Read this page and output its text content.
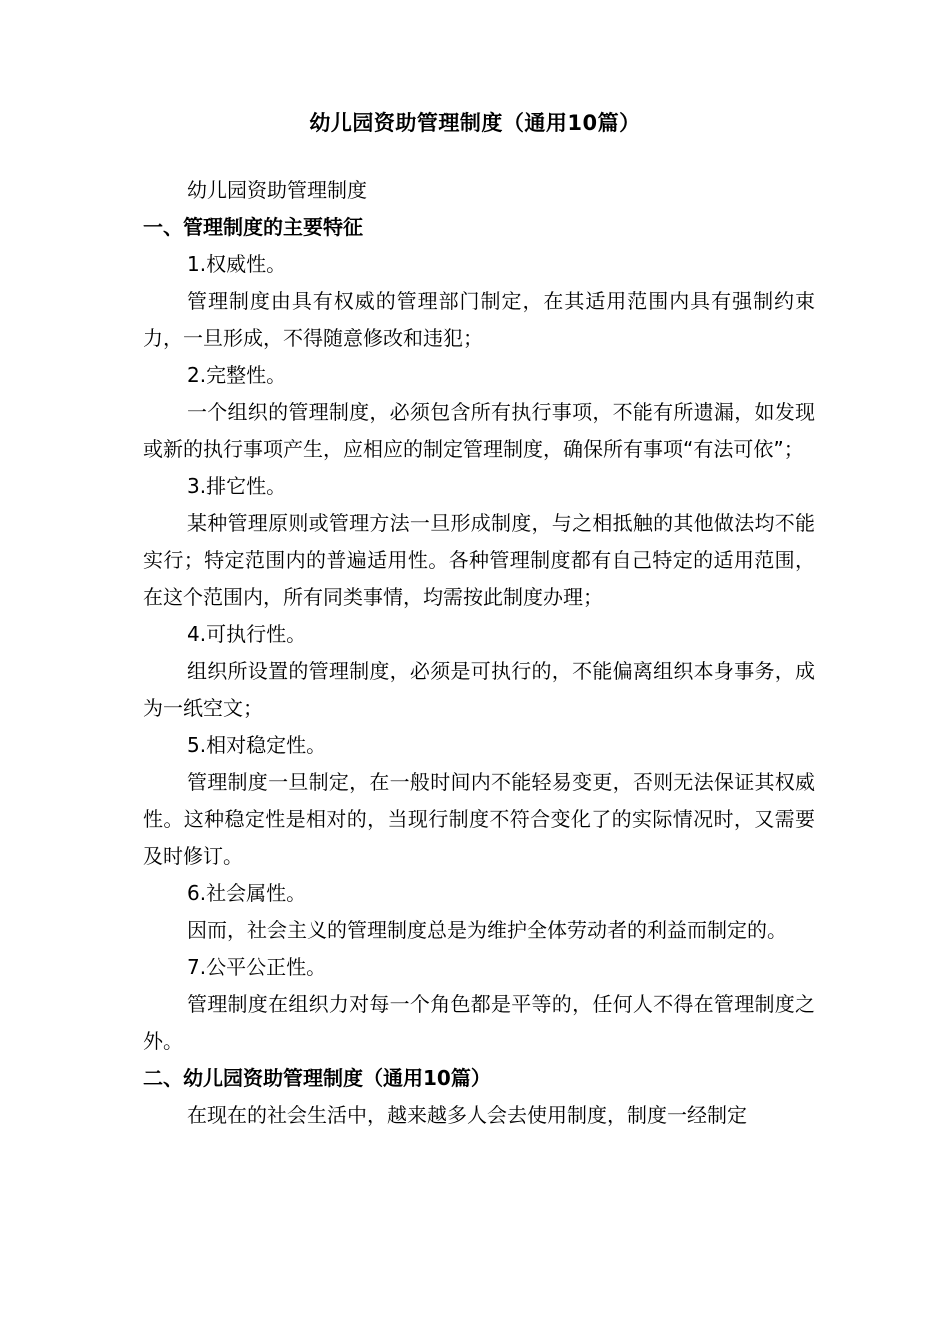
幼儿园资助管理制度（通用10篇）

幼儿园资助管理制度

一、管理制度的主要特征

1.权威性。

管理制度由具有权威的管理部门制定，在其适用范围内具有强制约束力，一旦形成，不得随意修改和违犯；

2.完整性。

一个组织的管理制度，必须包含所有执行事项，不能有所遗漏，如发现或新的执行事项产生，应相应的制定管理制度，确保所有事项“有法可依”；

3.排它性。

某种管理原则或管理方法一旦形成制度，与之相抵触的其他做法均不能实行；特定范围内的普遍适用性。各种管理制度都有自己特定的适用范围，在这个范围内，所有同类事情，均需按此制度办理；

4.可执行性。

组织所设置的管理制度，必须是可执行的，不能偏离组织本身事务，成为一纸空文；

5.相对稳定性。

管理制度一旦制定，在一般时间内不能轻易变更，否则无法保证其权威性。这种稳定性是相对的，当现行制度不符合变化了的实际情况时，又需要及时修订。

6.社会属性。

因而，社会主义的管理制度总是为维护全体劳动者的利益而制定的。

7.公平公正性。

管理制度在组织力对每一个角色都是平等的，任何人不得在管理制度之外。

二、幼儿园资助管理制度（通用10篇）

在现在的社会生活中，越来越多人会去使用制度，制度一经制定
